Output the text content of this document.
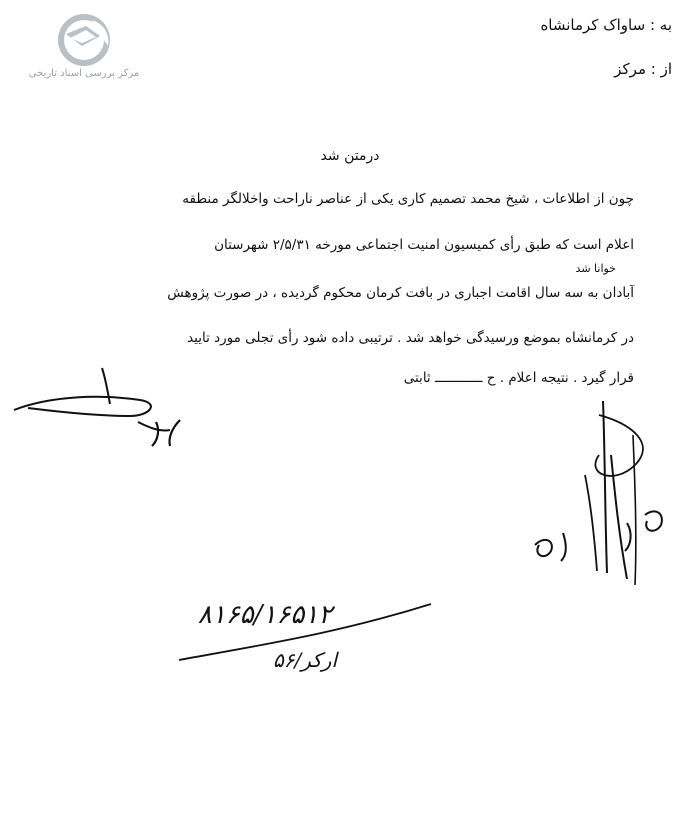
مرکز بررسی اسناد تاریخی
به : ساواک کرمانشاه
از : مرکز
درمتن شد
چون از اطلاعات ، شیخ محمد تصمیم کاری یکی از عناصر ناراحت واخلالگر منطقه
اعلام است که طبق رأی کمیسیون امنیت اجتماعی مورخه ۲/۵/۳۱ شهرستان
خوانا شد
آبادان به سه سال اقامت اجباری در بافت کرمان محکوم گردیده ، در صورت پژوهش
در کرمانشاه بموضع ورسیدگی خواهد شد . ترتیبی داده شود رأی تجلی مورد تایید
قرار گیرد . نتیجه اعلام . ح ــــــــــــ ثابتی
۸۱۶۵/۱۶۵۱۲
ارکر/۵۶
